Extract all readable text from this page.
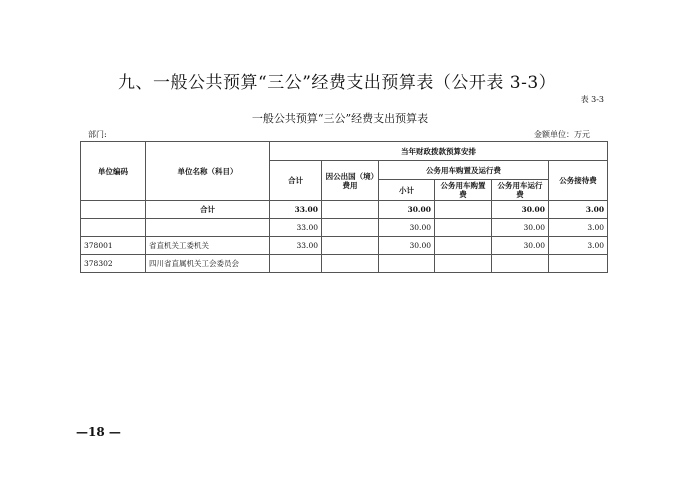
九、一般公共预算“三公”经费支出预算表（公开表 3-3）
表 3-3
一般公共预算“三公”经费支出预算表
部门:	金额单位：万元
单位编码	单位名称（科目）	当年财政拨款预算安排					
		合计	因公出国（境）费用	公务用车购置及运行费			公务接待费
				小计	公务用车购置费	公务用车运行费	
	合计	33.00		30.00		30.00	3.00
		33.00		30.00		30.00	3.00
378001	省直机关工委机关	33.00		30.00		30.00	3.00
378302	四川省直属机关工会委员会						
—18 —
